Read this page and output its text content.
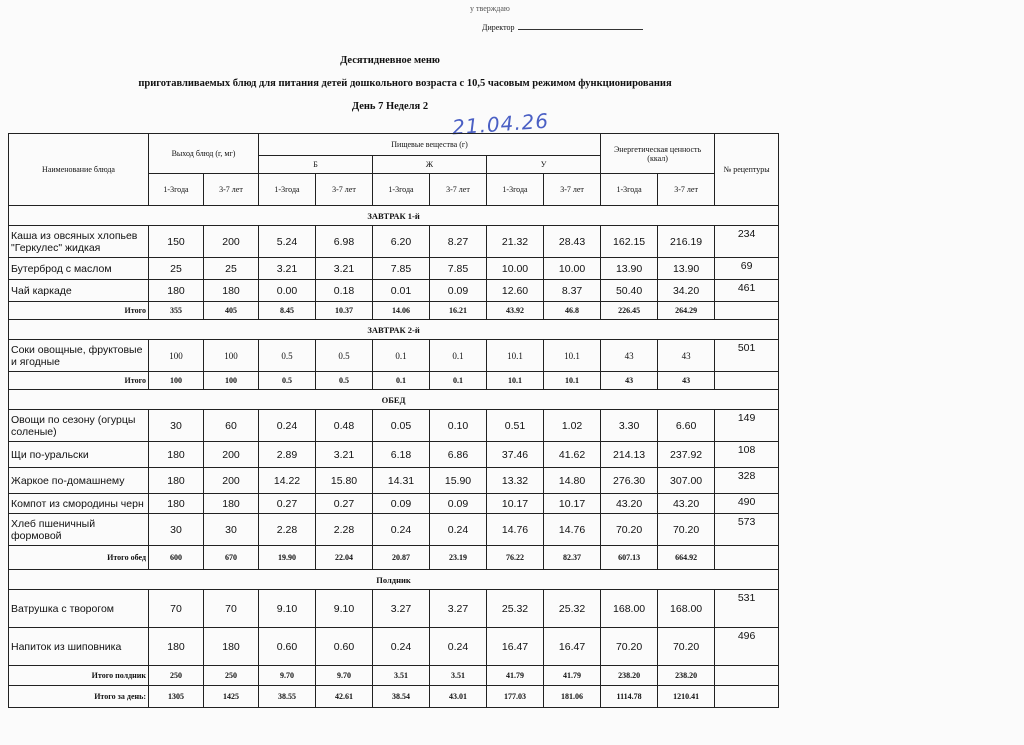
у тверждаю
Директор
Десятидневное меню
приготавливаемых блюд для питания детей дошкольного возраста с 10,5 часовым режимом функционирования
День 7 Неделя 2
21.04.26
Наименование блюда	Выход блюд (г, мг)		Пищевые вещества (г)						Энергетическая ценность (ккал)		№ рецептуры
			Б		Ж		У				
	1-3года	3-7 лет	1-3года	3-7 лет	1-3года	3-7 лет	1-3года	3-7 лет	1-3года	3-7 лет	
ЗАВТРАК 1-й											
Каша из овсяных хлопьев "Геркулес" жидкая	150	200	5.24	6.98	6.20	8.27	21.32	28.43	162.15	216.19	234
Бутерброд с маслом	25	25	3.21	3.21	7.85	7.85	10.00	10.00	13.90	13.90	69
Чай каркаде	180	180	0.00	0.18	0.01	0.09	12.60	8.37	50.40	34.20	461
Итого	355	405	8.45	10.37	14.06	16.21	43.92	46.8	226.45	264.29	
ЗАВТРАК 2-й											
Соки овощные, фруктовые и ягодные	100	100	0.5	0.5	0.1	0.1	10.1	10.1	43	43	501
Итого	100	100	0.5	0.5	0.1	0.1	10.1	10.1	43	43	
ОБЕД											
Овощи по сезону (огурцы соленые)	30	60	0.24	0.48	0.05	0.10	0.51	1.02	3.30	6.60	149
Щи по-уральски	180	200	2.89	3.21	6.18	6.86	37.46	41.62	214.13	237.92	108
Жаркое по-домашнему	180	200	14.22	15.80	14.31	15.90	13.32	14.80	276.30	307.00	328
Компот из смородины черн	180	180	0.27	0.27	0.09	0.09	10.17	10.17	43.20	43.20	490
Хлеб пшеничный формовой	30	30	2.28	2.28	0.24	0.24	14.76	14.76	70.20	70.20	573
Итого обед	600	670	19.90	22.04	20.87	23.19	76.22	82.37	607.13	664.92	
Полдник											
Ватрушка с творогом	70	70	9.10	9.10	3.27	3.27	25.32	25.32	168.00	168.00	531
Напиток из шиповника	180	180	0.60	0.60	0.24	0.24	16.47	16.47	70.20	70.20	496
Итого полдник	250	250	9.70	9.70	3.51	3.51	41.79	41.79	238.20	238.20	
Итого за день:	1305	1425	38.55	42.61	38.54	43.01	177.03	181.06	1114.78	1210.41	
